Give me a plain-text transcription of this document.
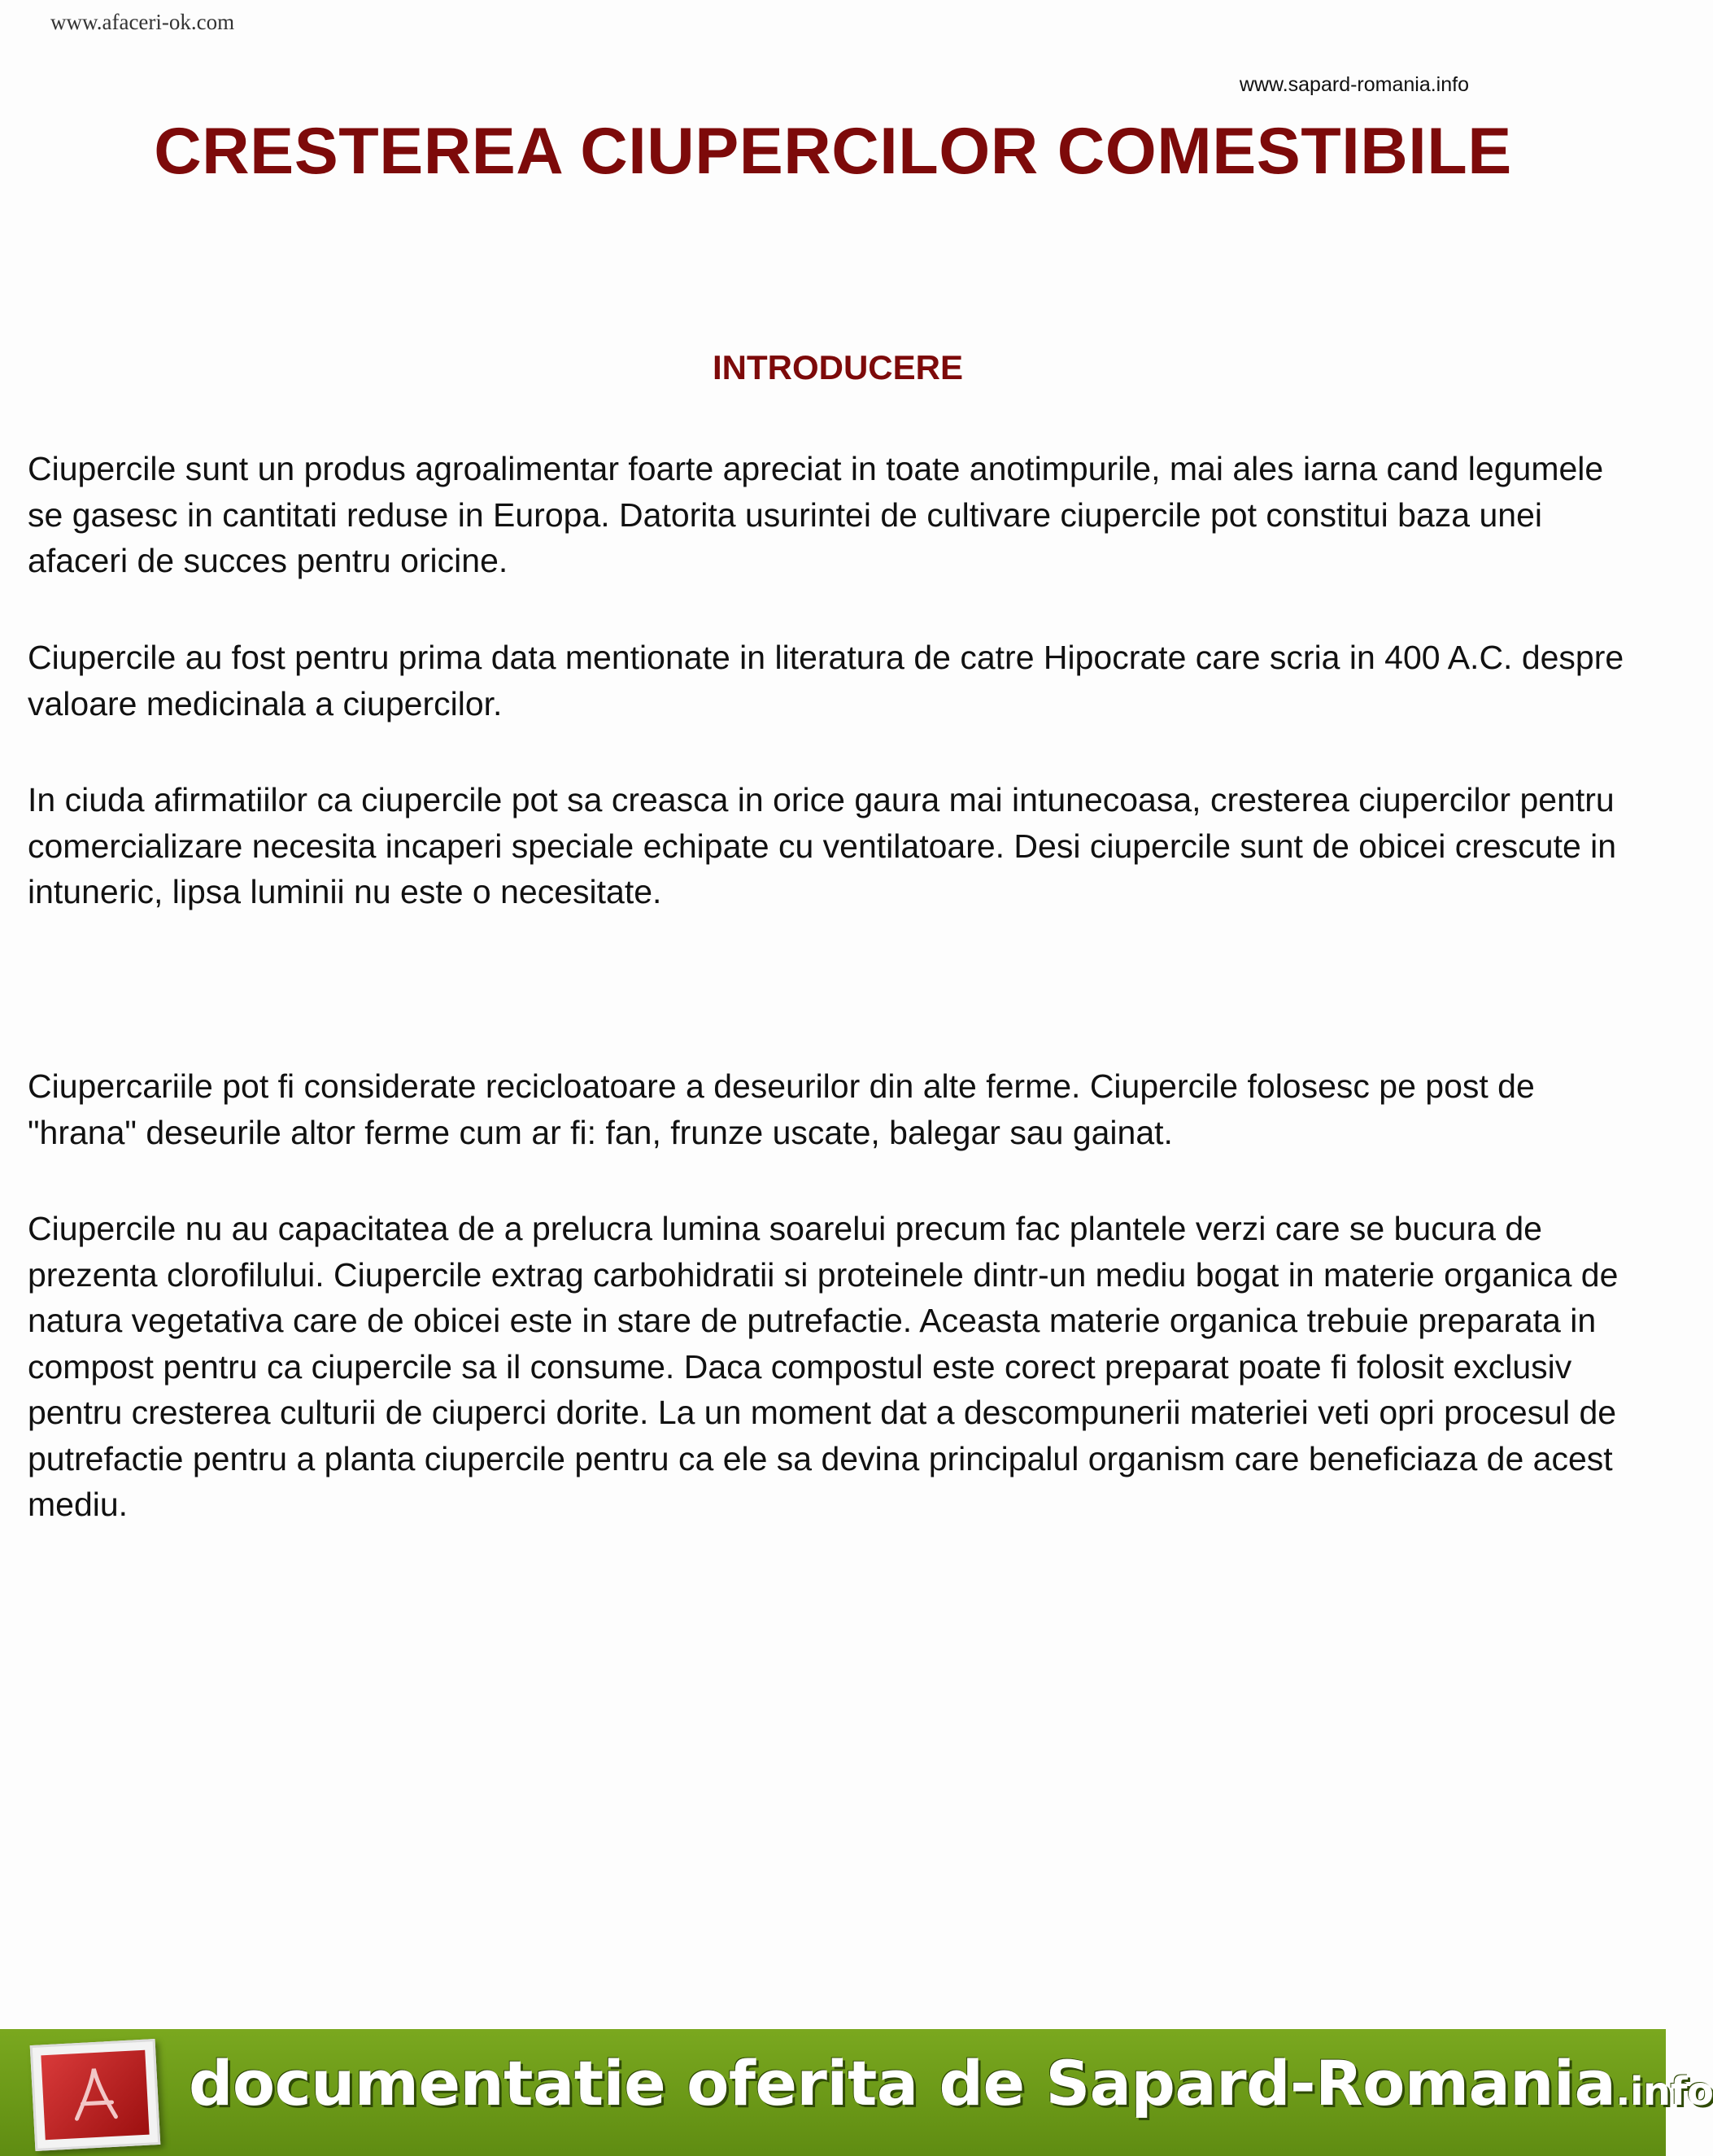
www.afaceri-ok.com
www.sapard-romania.info
CRESTEREA CIUPERCILOR COMESTIBILE
INTRODUCERE

Ciupercile sunt un produs agroalimentar foarte apreciat in toate anotimpurile, mai ales iarna cand legumele se gasesc in cantitati reduse in Europa. Datorita usurintei de cultivare ciupercile pot constitui baza unei afaceri de succes pentru oricine.

Ciupercile au fost pentru prima data mentionate in literatura de catre Hipocrate care scria in 400 A.C. despre valoare medicinala a ciupercilor.

In ciuda afirmatiilor ca ciupercile pot sa creasca in orice gaura mai intunecoasa, cresterea ciupercilor pentru comercializare necesita incaperi speciale echipate cu ventilatoare. Desi ciupercile sunt de obicei crescute in intuneric, lipsa luminii nu este o necesitate.

Ciupercariile pot fi considerate recicloatoare a deseurilor din alte ferme. Ciupercile folosesc pe post de "hrana" deseurile altor ferme cum ar fi: fan, frunze uscate, balegar sau gainat.

Ciupercile nu au capacitatea de a prelucra lumina soarelui precum fac plantele verzi care se bucura de prezenta clorofilului. Ciupercile extrag carbohidratii si proteinele dintr-un mediu bogat in materie organica de natura vegetativa care de obicei este in stare de putrefactie. Aceasta materie organica trebuie preparata in compost pentru ca ciupercile sa il consume. Daca compostul este corect preparat poate fi folosit exclusiv pentru cresterea culturii de ciuperci dorite. La un moment dat a descompunerii materiei veti opri procesul de putrefactie pentru a planta ciupercile pentru ca ele sa devina principalul organism care beneficiaza de acest mediu.

documentatie oferita de Sapard-Romania.info
